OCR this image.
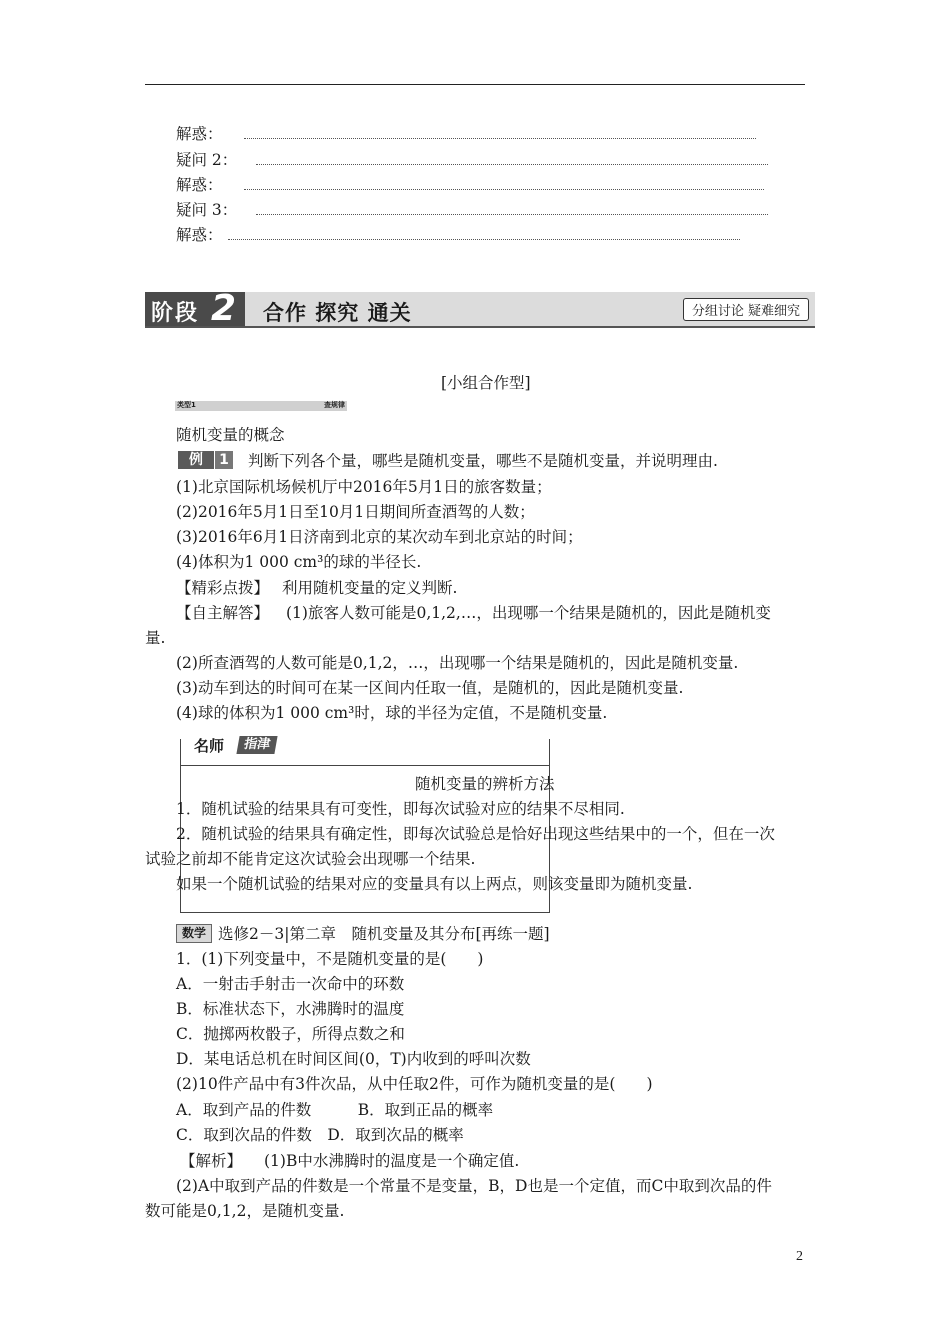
解惑：
疑问 2：
解惑：
疑问 3：
解惑：
阶段 2 合作 探究 通关	分组讨论 疑难细究
[小组合作型]
类型1	查规律
随机变量的概念
例	1 判断下列各个量，哪些是随机变量，哪些不是随机变量，并说明理由.
(1)北京国际机场候机厅中2016年5月1日的旅客数量；
(2)2016年5月1日至10月1日期间所查酒驾的人数；
(3)2016年6月1日济南到北京的某次动车到北京站的时间；
(4)体积为1 000 cm³的球的半径长.
【精彩点拨】 利用随机变量的定义判断.
【自主解答】 (1)旅客人数可能是0,1,2,…，出现哪一个结果是随机的，因此是随机变
量.
(2)所查酒驾的人数可能是0,1,2，…，出现哪一个结果是随机的，因此是随机变量.
(3)动车到达的时间可在某一区间内任取一值，是随机的，因此是随机变量.
(4)球的体积为1 000 cm³时，球的半径为定值，不是随机变量.
名师	指津
随机变量的辨析方法
1．随机试验的结果具有可变性，即每次试验对应的结果不尽相同.
2．随机试验的结果具有确定性，即每次试验总是恰好出现这些结果中的一个，但在一次
试验之前却不能肯定这次试验会出现哪一个结果.
如果一个随机试验的结果对应的变量具有以上两点，则该变量即为随机变量.
数学 选修2－3|第二章　随机变量及其分布[再练一题]
1．(1)下列变量中，不是随机变量的是(　　)
A．一射击手射击一次命中的环数
B．标准状态下，水沸腾时的温度
C．抛掷两枚骰子，所得点数之和
D．某电话总机在时间区间(0，T)内收到的呼叫次数
(2)10件产品中有3件次品，从中任取2件，可作为随机变量的是(　　)
A．取到产品的件数　　　B．取到正品的概率
C．取到次品的件数　D．取到次品的概率
【解析】 (1)B中水沸腾时的温度是一个确定值.
(2)A中取到产品的件数是一个常量不是变量，B，D也是一个定值，而C中取到次品的件
数可能是0,1,2，是随机变量.
2
